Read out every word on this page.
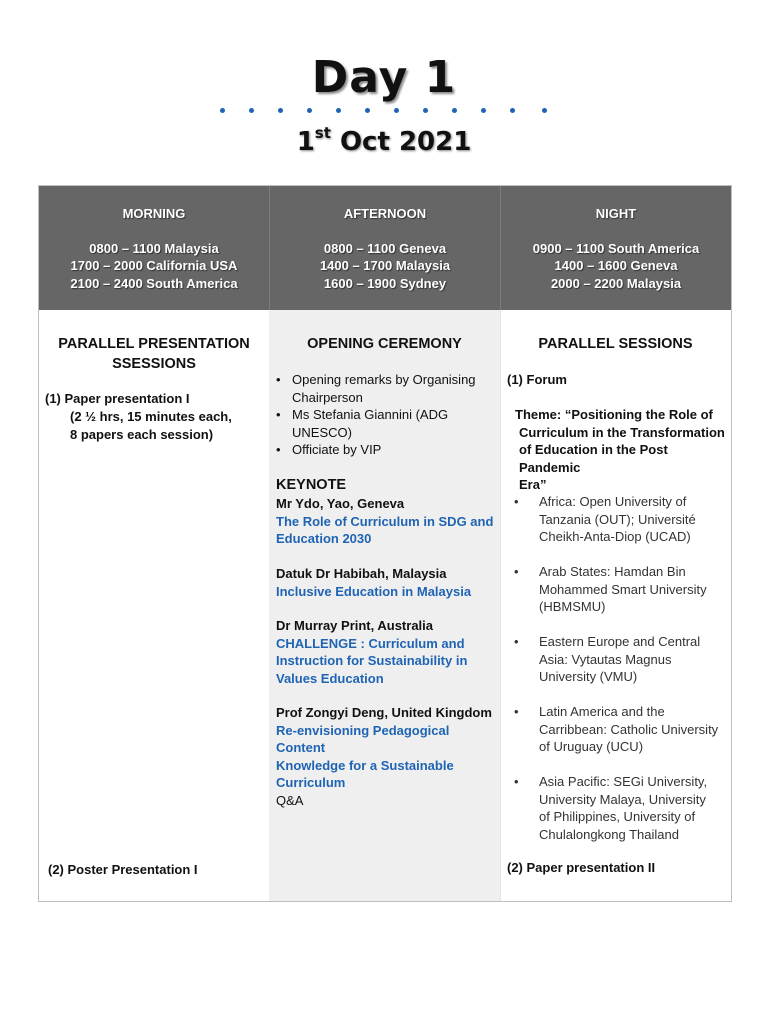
Day 1
1st Oct 2021
MORNING
0800 – 1100 Malaysia
1700 – 2000 California USA
2100 – 2400 South America
AFTERNOON
0800 – 1100 Geneva
1400 – 1700 Malaysia
1600 – 1900 Sydney
NIGHT
0900 – 1100 South America
1400 – 1600 Geneva
2000 – 2200 Malaysia
PARALLEL PRESENTATION
SSESSIONS
(1) Paper presentation I
(2 ½ hrs, 15 minutes each,
8 papers each session)
(2) Poster Presentation I
OPENING CEREMONY
• Opening remarks by Organising
Chairperson
• Ms Stefania Giannini (ADG
UNESCO)
• Officiate by VIP
KEYNOTE
Mr Ydo, Yao, Geneva
The Role of Curriculum in SDG and
Education 2030
Datuk Dr Habibah, Malaysia
Inclusive Education in Malaysia
Dr Murray Print, Australia
CHALLENGE : Curriculum and
Instruction for Sustainability in
Values Education
Prof Zongyi Deng, United Kingdom
Re-envisioning Pedagogical Content
Knowledge for a Sustainable
Curriculum
Q&A
PARALLEL SESSIONS
(1) Forum
Theme: “Positioning the Role of
Curriculum in the Transformation
of Education in the Post Pandemic
Era”
• Africa: Open University of
Tanzania (OUT); Université
Cheikh-Anta-Diop (UCAD)
• Arab States: Hamdan Bin
Mohammed Smart University
(HBMSMU)
• Eastern Europe and Central
Asia: Vytautas Magnus
University (VMU)
• Latin America and the
Carribbean: Catholic University
of Uruguay (UCU)
• Asia Pacific: SEGi University,
University Malaya, University
of Philippines, University of
Chulalongkong Thailand
(2) Paper presentation II
